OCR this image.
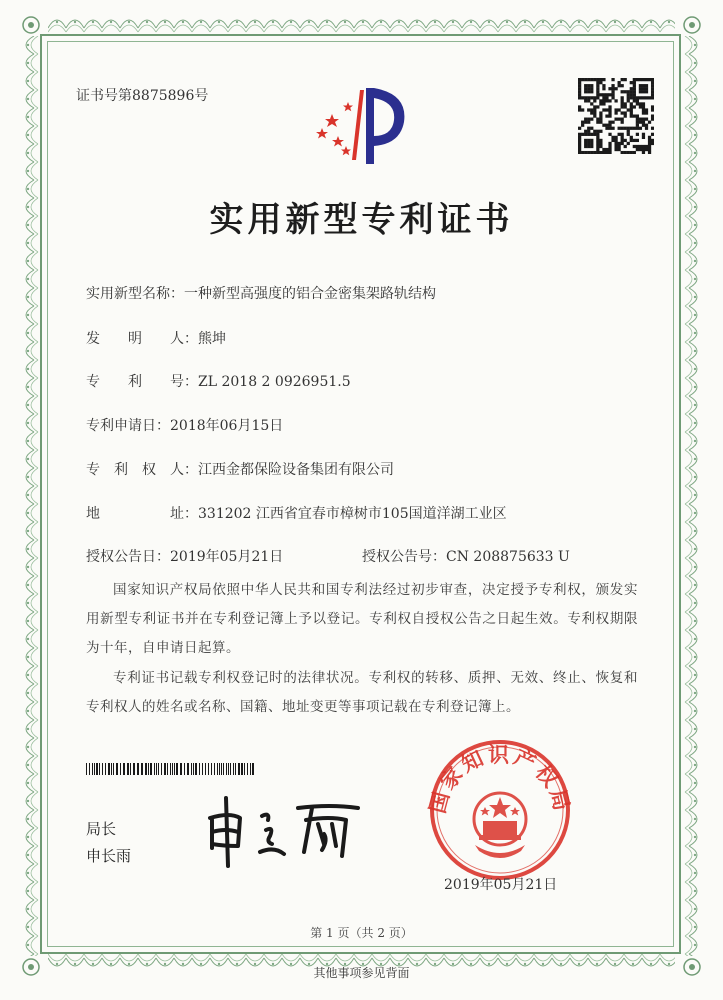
证书号第8875896号
实用新型专利证书
实用新型名称：一种新型高强度的铝合金密集架路轨结构
发　　明　　人：熊坤
专　　利　　号：ZL 2018 2 0926951.5
专利申请日：2018年06月15日
专　利　权　人：江西金都保险设备集团有限公司
地　　　　　址：331202 江西省宜春市樟树市105国道洋湖工业区
授权公告日：2019年05月21日	授权公告号：CN 208875633 U
国家知识产权局依照中华人民共和国专利法经过初步审查，决定授予专利权，颁发实用新型专利证书并在专利登记簿上予以登记。专利权自授权公告之日起生效。专利权期限为十年，自申请日起算。
专利证书记载专利权登记时的法律状况。专利权的转移、质押、无效、终止、恢复和专利权人的姓名或名称、国籍、地址变更等事项记载在专利登记簿上。
局长
申长雨
国家知识产权局
2019年05月21日
第 1 页（共 2 页）
其他事项参见背面
